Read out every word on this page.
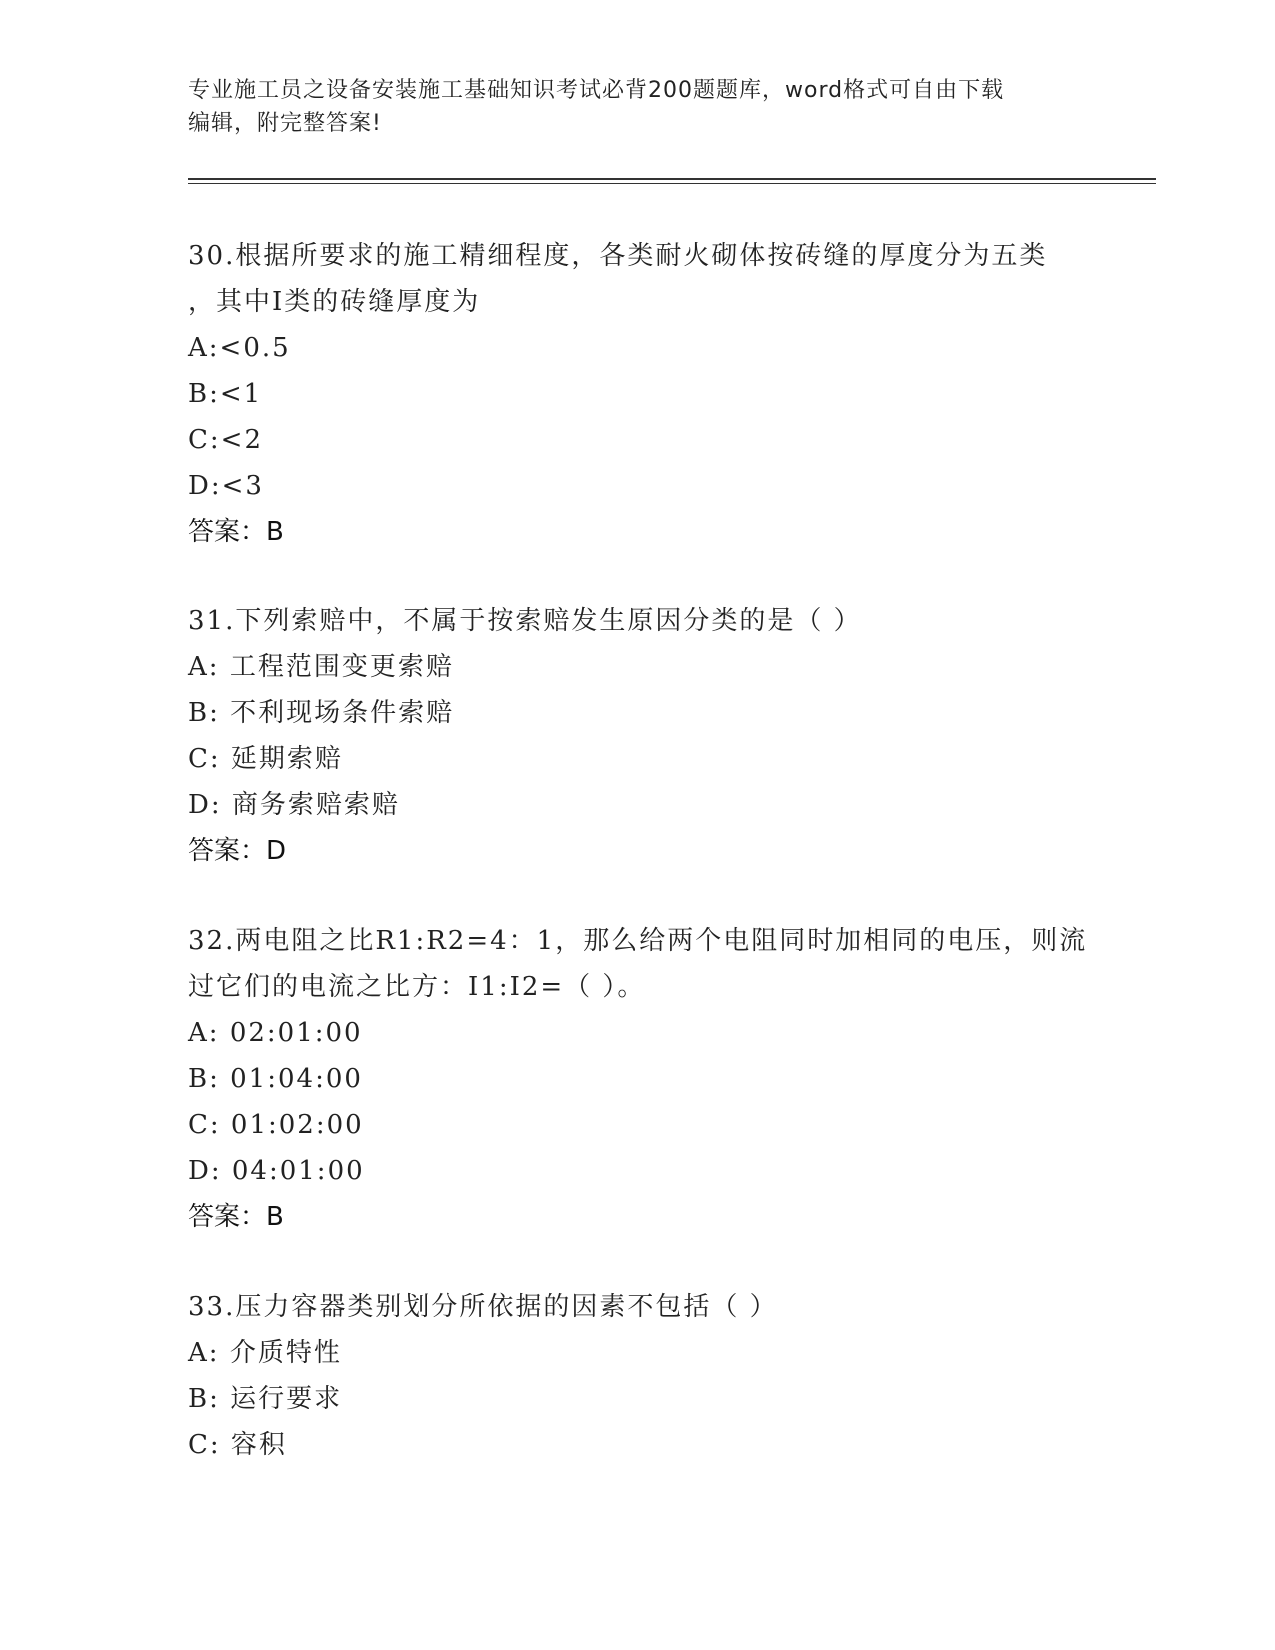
专业施工员之设备安装施工基础知识考试必背200题题库，word格式可自由下载
编辑，附完整答案!
30.根据所要求的施工精细程度，各类耐火砌体按砖缝的厚度分为五类
，其中Ⅰ类的砖缝厚度为
A:<0.5
B:<1
C:<2
D:<3
答案：B
31.下列索赔中，不属于按索赔发生原因分类的是（ ）
A: 工程范围变更索赔
B: 不利现场条件索赔
C: 延期索赔
D: 商务索赔索赔
答案：D
32.两电阻之比R1:R2=4：1，那么给两个电阻同时加相同的电压，则流
过它们的电流之比方：I1:I2=（ ）。
A: 02:01:00
B: 01:04:00
C: 01:02:00
D: 04:01:00
答案：B
33.压力容器类别划分所依据的因素不包括（ ）
A: 介质特性
B: 运行要求
C: 容积
